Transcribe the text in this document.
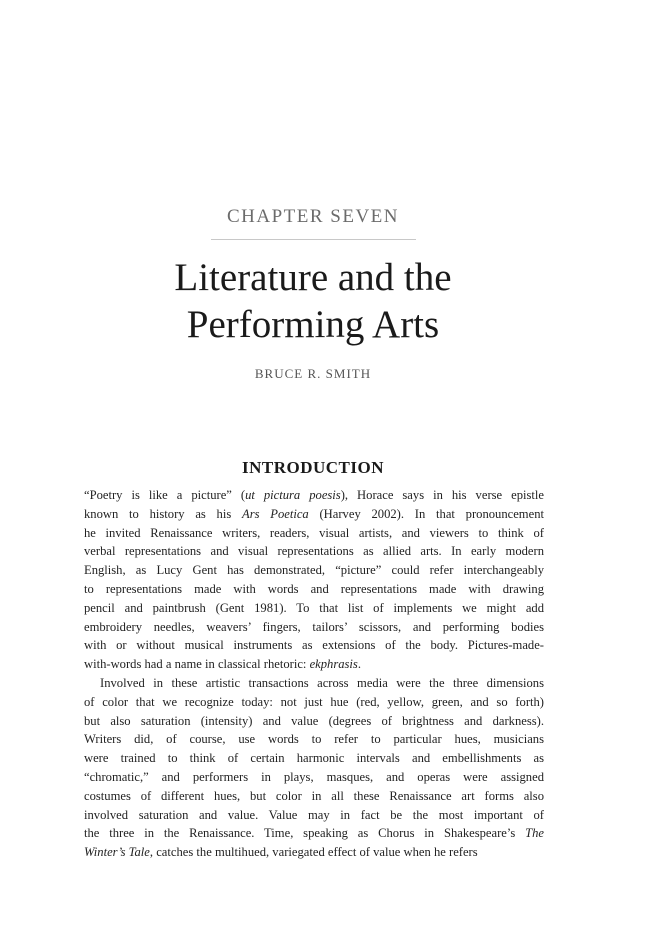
CHAPTER SEVEN
Literature and the
Performing Arts
BRUCE R. SMITH
INTRODUCTION
“Poetry is like a picture” (ut pictura poesis), Horace says in his verse epistle
known to history as his Ars Poetica (Harvey 2002). In that pronouncement
he invited Renaissance writers, readers, visual artists, and viewers to think of
verbal representations and visual representations as allied arts. In early modern
English, as Lucy Gent has demonstrated, “picture” could refer interchangeably
to representations made with words and representations made with drawing
pencil and paintbrush (Gent 1981). To that list of implements we might add
embroidery needles, weavers’ fingers, tailors’ scissors, and performing bodies
with or without musical instruments as extensions of the body. Pictures-made-
with-words had a name in classical rhetoric: ekphrasis.
Involved in these artistic transactions across media were the three dimensions
of color that we recognize today: not just hue (red, yellow, green, and so forth)
but also saturation (intensity) and value (degrees of brightness and darkness).
Writers did, of course, use words to refer to particular hues, musicians
were trained to think of certain harmonic intervals and embellishments as
“chromatic,” and performers in plays, masques, and operas were assigned
costumes of different hues, but color in all these Renaissance art forms also
involved saturation and value. Value may in fact be the most important of
the three in the Renaissance. Time, speaking as Chorus in Shakespeare’s The
Winter’s Tale, catches the multihued, variegated effect of value when he refers
